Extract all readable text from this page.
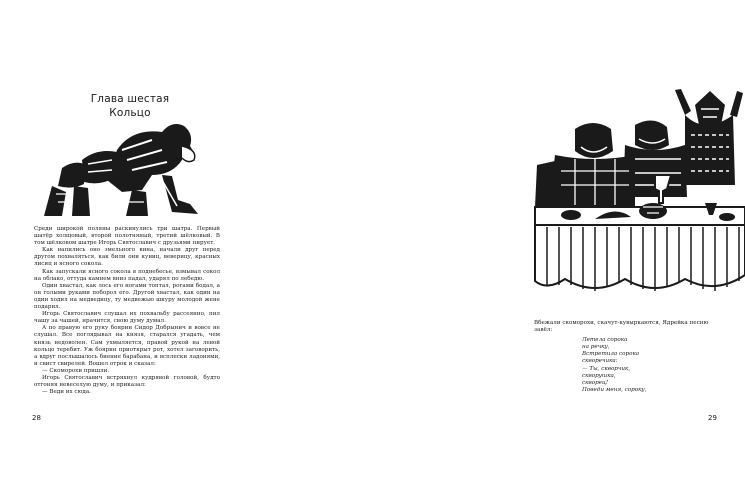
Глава шестая
Кольцо

Среди широкой поляны раскинулись три шатра. Первый шатёр холщовый, второй полотняный, третий шёлковый. В том шёлковом шатре Игорь Святославич с друзьями пирует.

Как напились оно змельного вина, начали друг перед другом похваляться, как били они куниц, веверицу, красных лисиц и ясного сокола.

Как запускали ясного сокола в поднебесье, взмывал сокол на облако, оттуда камнем вниз падал, ударял по лебедю.

Один хвастал, как лось его ногами топтал, рогами бодал, а он голыми руками поборол его. Другой хвастал, как один на один ходил на медведицу, ту медвежью шкуру молодой жене подарил.

Игорь Святославич слушал их похвальбу рассеянно, пил чашу за чашей, нрачится, свою думу думал.

А по правую его руку боярин Сидор Добрынич и вовсе не слушал. Все поглядывал на князя, старался угадать, чем князь недоволен. Сам ухмыляется, правой рукой на левой кольцо теребит. Уж боярин приоткрыт рот, хотел заговорить, а вдруг послышалось биение барабана, и всплески ладонями, и свист свирелей. Вошел отрок и сказал:

— Скоморохи пришли.

Игорь Святославич встряхнул кудрявой головой, будто отгоняя невеселую думу, и приказал:

— Веди их сюда.

28

Вбежали скоморохи, скачут-кувыркаются, Ядрейка песню завёл:

Летела сорока
на речку,
Встретила сорока
скворечика:
— Ты, скворчик,
скворушка,
скворец!
Поведи меня, сороку,
29
